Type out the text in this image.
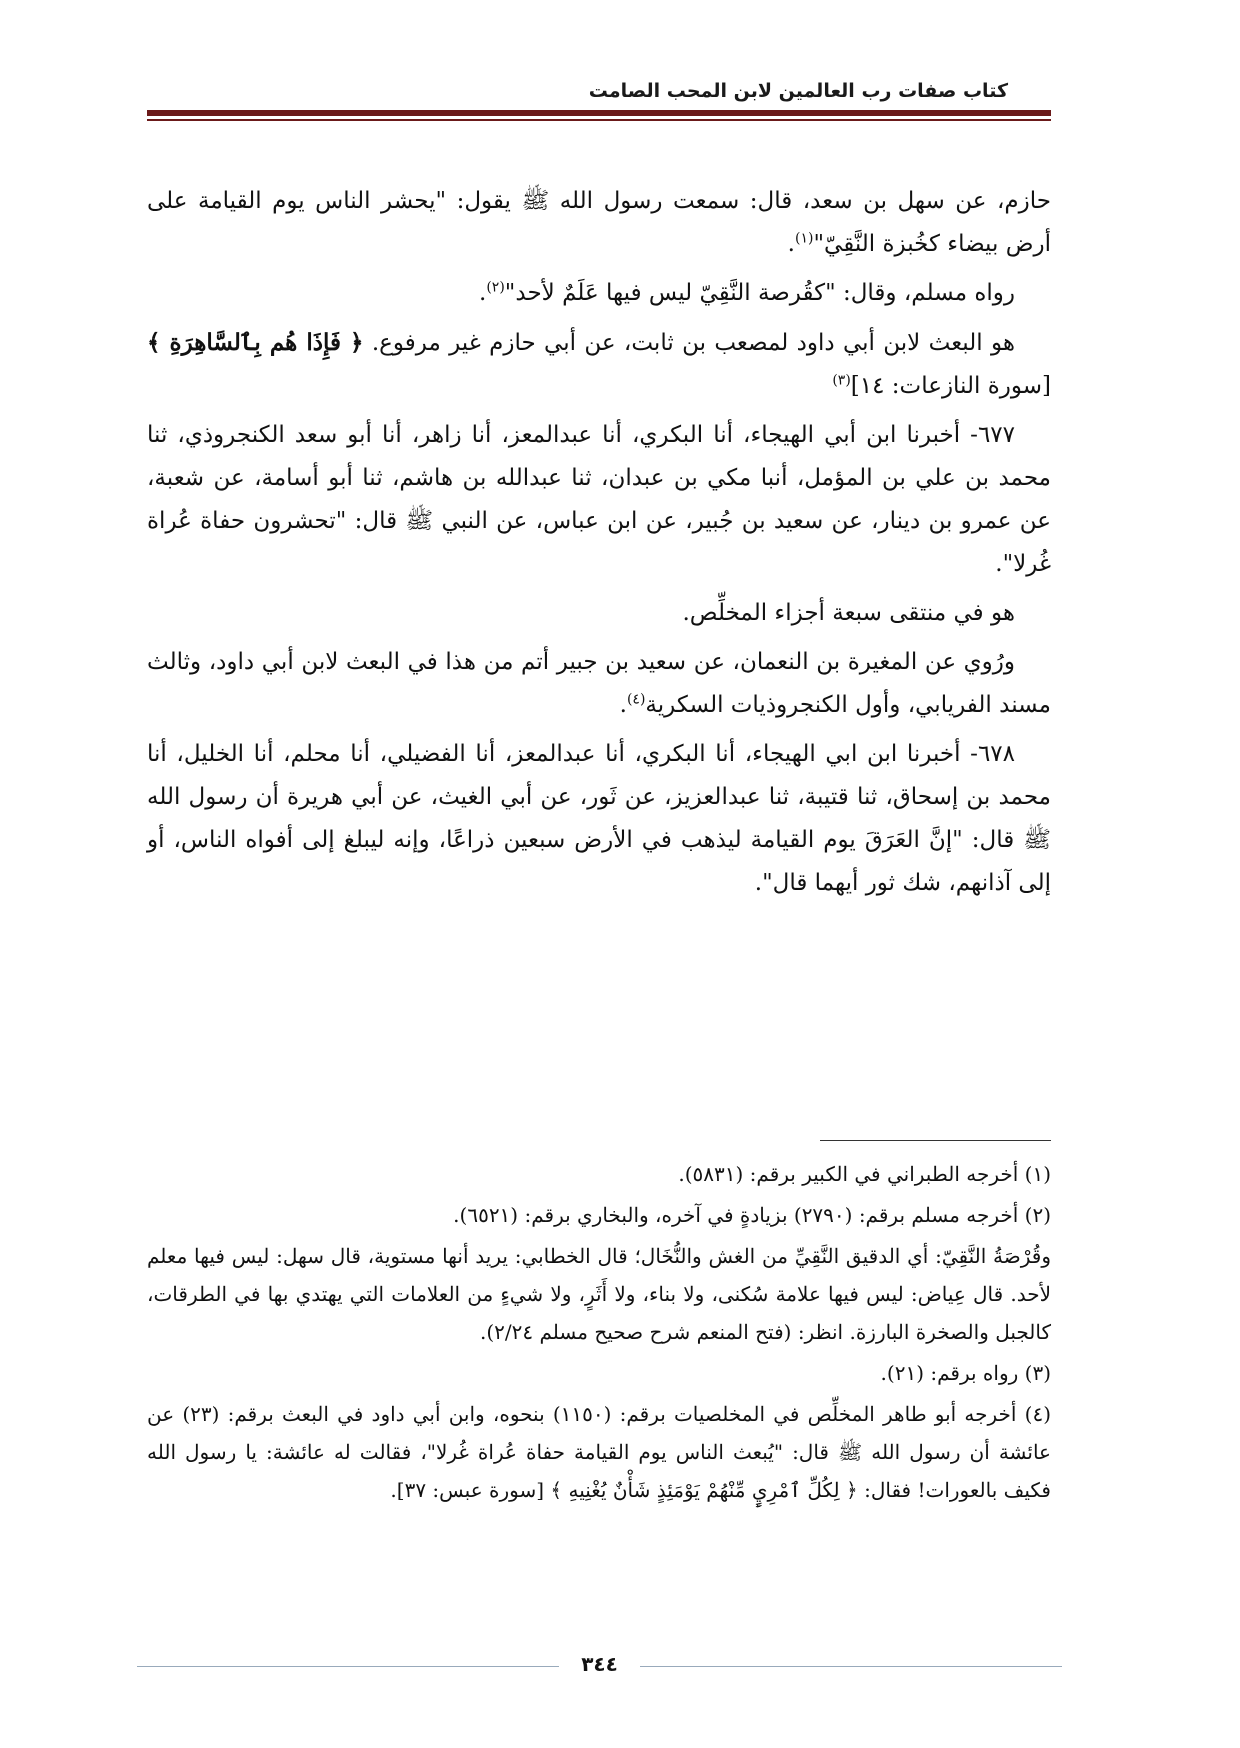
كتاب صفات رب العالمين لابن المحب الصامت

حازم، عن سهل بن سعد، قال: سمعت رسول الله ﷺ يقول: "يحشر الناس يوم القيامة على أرض بيضاء كخُبزة النَّقِيّ"$^{(١)}$.

رواه مسلم، وقال: "كقُرصة النَّقِيّ ليس فيها عَلَمٌ لأحد"$^{(٢)}$.

هو البعث لابن أبي داود لمصعب بن ثابت، عن أبي حازم غير مرفوع. ﴿ فَإِذَا هُم بِٱلسَّاهِرَةِ ﴾ [سورة النازعات: ١٤]$^{(٣)}$

٦٧٧- أخبرنا ابن أبي الهيجاء، أنا البكري، أنا عبدالمعز، أنا زاهر، أنا أبو سعد الكنجروذي، ثنا محمد بن علي بن المؤمل، أنبا مكي بن عبدان، ثنا عبدالله بن هاشم، ثنا أبو أسامة، عن شعبة، عن عمرو بن دينار، عن سعيد بن جُبير، عن ابن عباس، عن النبي ﷺ قال: "تحشرون حفاة عُراة غُرلا".

هو في منتقى سبعة أجزاء المخلِّص.

ورُوي عن المغيرة بن النعمان، عن سعيد بن جبير أتم من هذا في البعث لابن أبي داود، وثالث مسند الفريابي، وأول الكنجروذيات السكرية$^{(٤)}$.

٦٧٨- أخبرنا ابن ابي الهيجاء، أنا البكري، أنا عبدالمعز، أنا الفضيلي، أنا محلم، أنا الخليل، أنا محمد بن إسحاق، ثنا قتيبة، ثنا عبدالعزيز، عن ثَور، عن أبي الغيث، عن أبي هريرة أن رسول الله ﷺ قال: "إنَّ العَرَقَ يوم القيامة ليذهب في الأرض سبعين ذراعًا، وإنه ليبلغ إلى أفواه الناس، أو إلى آذانهم، شك ثور أيهما قال".

(١) أخرجه الطبراني في الكبير برقم: (٥٨٣١).

(٢) أخرجه مسلم برقم: (٢٧٩٠) بزيادةٍ في آخره، والبخاري برقم: (٦٥٢١).

وقُرْصَةُ النَّقِيّ: أي الدقيق النَّقِيِّ من الغش والنُّخَال؛ قال الخطابي: يريد أنها مستوية، قال سهل: ليس فيها معلم لأحد. قال عِياض: ليس فيها علامة سُكنى، ولا بناء، ولا أَثَرٍ، ولا شيءٍ من العلامات التي يهتدي بها في الطرقات، كالجبل والصخرة البارزة. انظر: (فتح المنعم شرح صحيح مسلم ٢/٢٤).

(٣) رواه برقم: (٢١).

(٤) أخرجه أبو طاهر المخلِّص في المخلصيات برقم: (١١٥٠) بنحوه، وابن أبي داود في البعث برقم: (٢٣) عن عائشة أن رسول الله ﷺ قال: "يُبعث الناس يوم القيامة حفاة عُراة غُرلا"، فقالت له عائشة: يا رسول الله فكيف بالعورات! فقال: ﴿ لِكُلِّ ٱمْرِيٍٕ مِّنْهُمْ يَوْمَئِذٍ شَأْنٌ يُغْنِيهِ ﴾ [سورة عبس: ٣٧].

٣٤٤
